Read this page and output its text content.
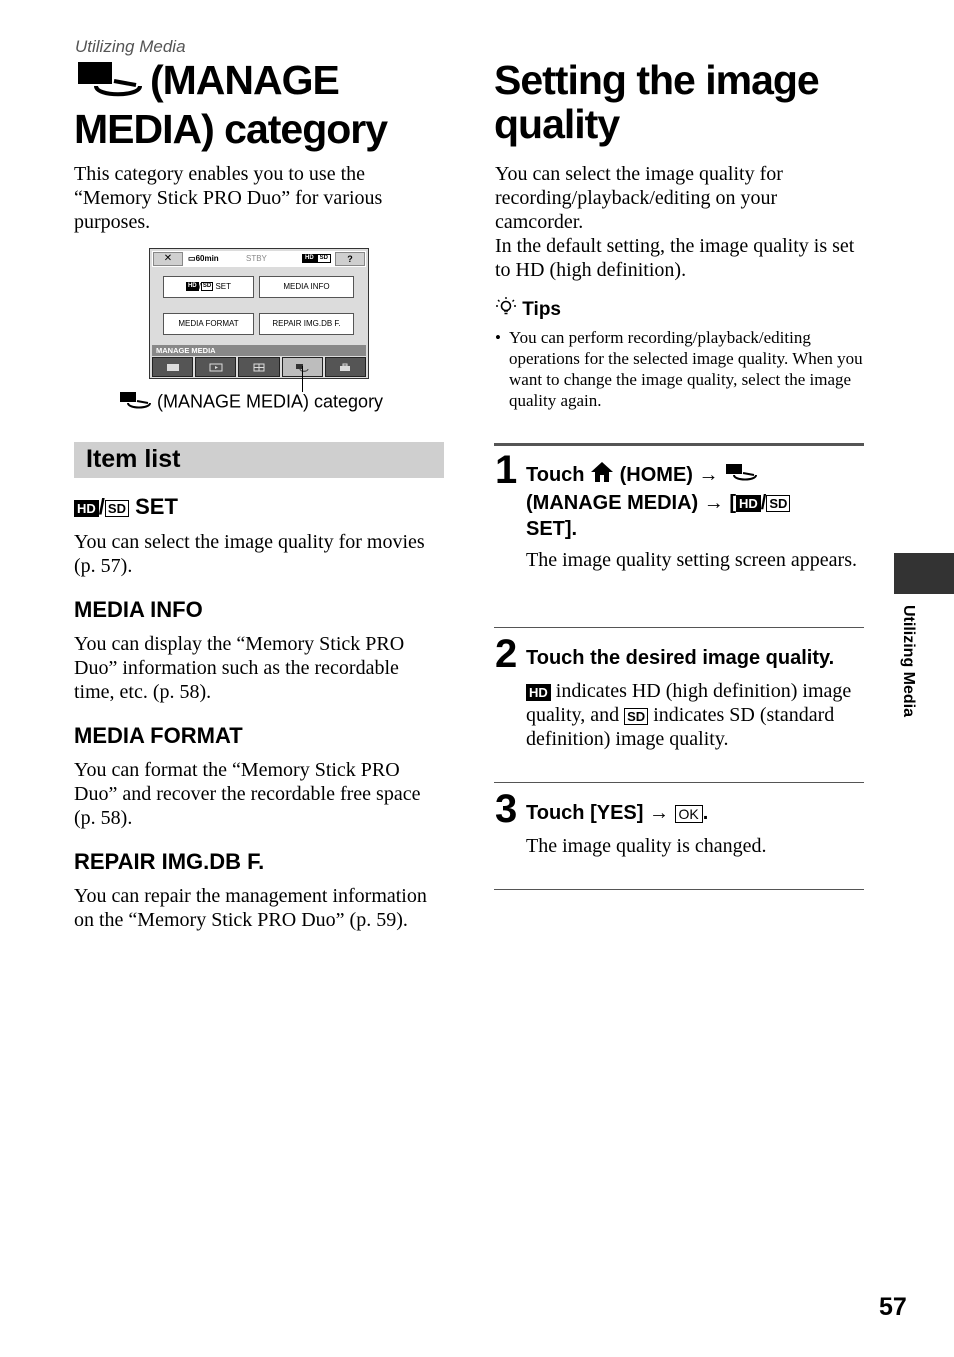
Utilizing Media
(MANAGE MEDIA) category
This category enables you to use the “Memory Stick PRO Duo” for various purposes.
✕	▭60min	STBY	HD SD	?
HD / SD SET	MEDIA INFO
MEDIA FORMAT	REPAIR IMG.DB F.
MANAGE MEDIA
(MANAGE MEDIA) category
Item list
HD / SD SET
You can select the image quality for movies (p. 57).
MEDIA INFO
You can display the “Memory Stick PRO Duo” information such as the recordable time, etc. (p. 58).
MEDIA FORMAT
You can format the “Memory Stick PRO Duo” and recover the recordable free space (p. 58).
REPAIR IMG.DB F.
You can repair the management information on the “Memory Stick PRO Duo” (p. 59).
Setting the image quality
You can select the image quality for recording/playback/editing on your camcorder.
In the default setting, the image quality is set to HD (high definition).
Tips
• You can perform recording/playback/editing operations for the selected image quality. When you want to change the image quality, select the image quality again.
1 Touch (HOME) →
(MANAGE MEDIA) → [ HD / SD
SET].
The image quality setting screen appears.
2 Touch the desired image quality.
HD indicates HD (high definition) image quality, and SD indicates SD (standard definition) image quality.
3 Touch [YES] → OK .
The image quality is changed.
Utilizing Media
57
